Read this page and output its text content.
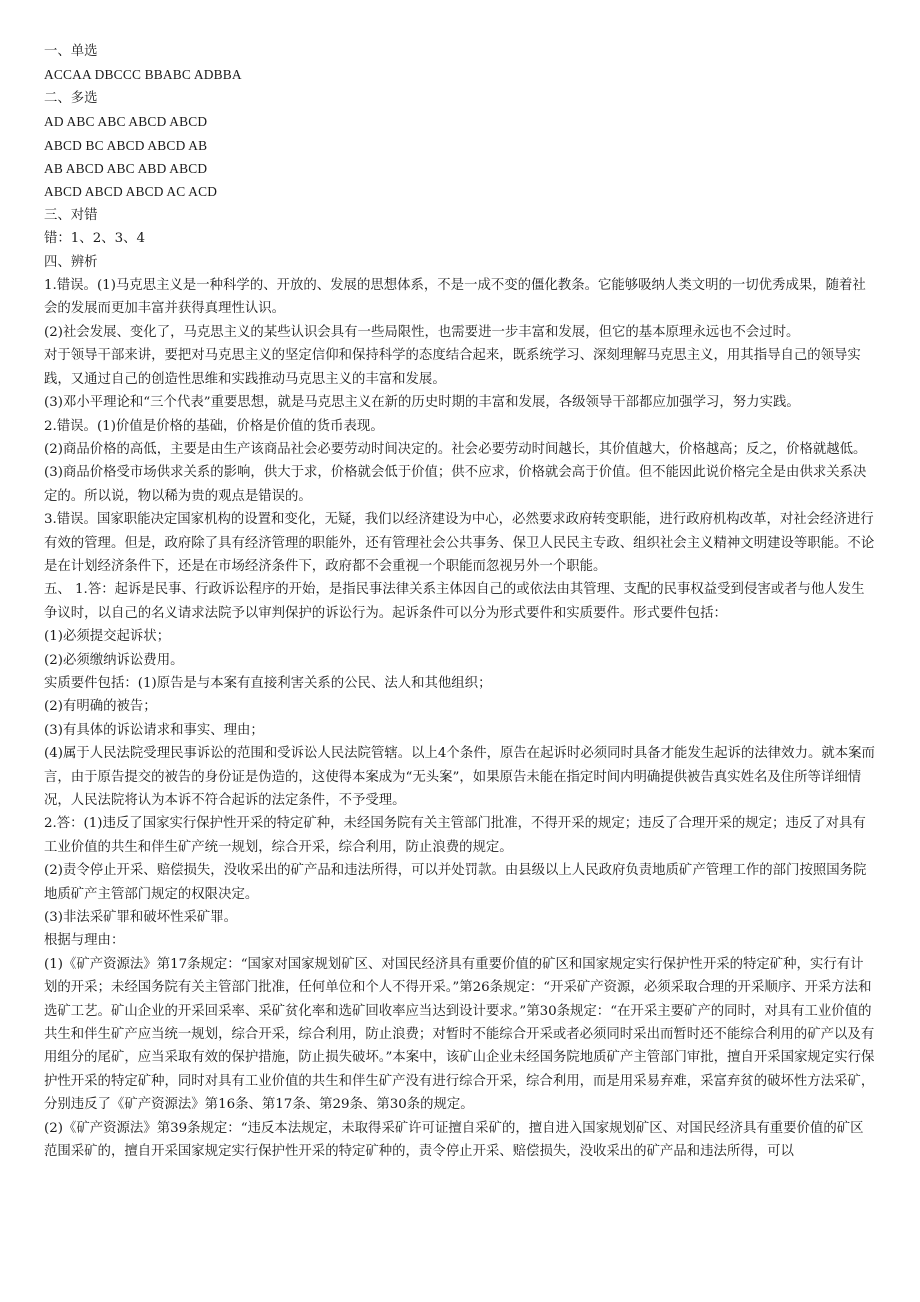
一、单选

ACCAA DBCCC BBABC ADBBA

二、多选

AD ABC ABC ABCD ABCD

ABCD BC ABCD ABCD AB

AB ABCD ABC ABD ABCD

ABCD ABCD ABCD AC ACD

三、对错

错：1、2、3、4

四、辨析

1.错误。(1)马克思主义是一种科学的、开放的、发展的思想体系，不是一成不变的僵化教条。它能够吸纳人类文明的一切优秀成果，随着社会的发展而更加丰富并获得真理性认识。

(2)社会发展、变化了，马克思主义的某些认识会具有一些局限性，也需要进一步丰富和发展，但它的基本原理永远也不会过时。

对于领导干部来讲，要把对马克思主义的坚定信仰和保持科学的态度结合起来，既系统学习、深刻理解马克思主义，用其指导自己的领导实践，又通过自己的创造性思维和实践推动马克思主义的丰富和发展。

(3)邓小平理论和“三个代表”重要思想，就是马克思主义在新的历史时期的丰富和发展，各级领导干部都应加强学习，努力实践。

2.错误。(1)价值是价格的基础，价格是价值的货币表现。

(2)商品价格的高低，主要是由生产该商品社会必要劳动时间决定的。社会必要劳动时间越长，其价值越大，价格越高；反之，价格就越低。

(3)商品价格受市场供求关系的影响，供大于求，价格就会低于价值；供不应求，价格就会高于价值。但不能因此说价格完全是由供求关系决定的。所以说，物以稀为贵的观点是错误的。

3.错误。国家职能决定国家机构的设置和变化，无疑，我们以经济建设为中心，必然要求政府转变职能，进行政府机构改革，对社会经济进行有效的管理。但是，政府除了具有经济管理的职能外，还有管理社会公共事务、保卫人民民主专政、组织社会主义精神文明建设等职能。不论是在计划经济条件下，还是在市场经济条件下，政府都不会重视一个职能而忽视另外一个职能。

五、 1.答：起诉是民事、行政诉讼程序的开始，是指民事法律关系主体因自己的或依法由其管理、支配的民事权益受到侵害或者与他人发生争议时，以自己的名义请求法院予以审判保护的诉讼行为。起诉条件可以分为形式要件和实质要件。形式要件包括：

(1)必须提交起诉状；

(2)必须缴纳诉讼费用。

实质要件包括：(1)原告是与本案有直接利害关系的公民、法人和其他组织；

(2)有明确的被告；

(3)有具体的诉讼请求和事实、理由；

(4)属于人民法院受理民事诉讼的范围和受诉讼人民法院管辖。以上4个条件，原告在起诉时必须同时具备才能发生起诉的法律效力。就本案而言，由于原告提交的被告的身份证是伪造的，这使得本案成为“无头案”，如果原告未能在指定时间内明确提供被告真实姓名及住所等详细情况，人民法院将认为本诉不符合起诉的法定条件，不予受理。

2.答：(1)违反了国家实行保护性开采的特定矿种，未经国务院有关主管部门批准，不得开采的规定；违反了合理开采的规定；违反了对具有工业价值的共生和伴生矿产统一规划，综合开采，综合利用，防止浪费的规定。

(2)责令停止开采、赔偿损失，没收采出的矿产品和违法所得，可以并处罚款。由县级以上人民政府负责地质矿产管理工作的部门按照国务院地质矿产主管部门规定的权限决定。

(3)非法采矿罪和破坏性采矿罪。

根据与理由：

(1)《矿产资源法》第17条规定：“国家对国家规划矿区、对国民经济具有重要价值的矿区和国家规定实行保护性开采的特定矿种，实行有计划的开采；未经国务院有关主管部门批准，任何单位和个人不得开采。”第26条规定：“开采矿产资源，必须采取合理的开采顺序、开采方法和选矿工艺。矿山企业的开采回采率、采矿贫化率和选矿回收率应当达到设计要求。”第30条规定：“在开采主要矿产的同时，对具有工业价值的共生和伴生矿产应当统一规划，综合开采，综合利用，防止浪费；对暂时不能综合开采或者必须同时采出而暂时还不能综合利用的矿产以及有用组分的尾矿，应当采取有效的保护措施，防止损失破坏。”本案中，该矿山企业未经国务院地质矿产主管部门审批，擅自开采国家规定实行保护性开采的特定矿种，同时对具有工业价值的共生和伴生矿产没有进行综合开采，综合利用，而是用采易弃难，采富弃贫的破坏性方法采矿，分别违反了《矿产资源法》第16条、第17条、第29条、第30条的规定。

(2)《矿产资源法》第39条规定：“违反本法规定，未取得采矿许可证擅自采矿的，擅自进入国家规划矿区、对国民经济具有重要价值的矿区范围采矿的，擅自开采国家规定实行保护性开采的特定矿种的，责令停止开采、赔偿损失，没收采出的矿产品和违法所得，可以
